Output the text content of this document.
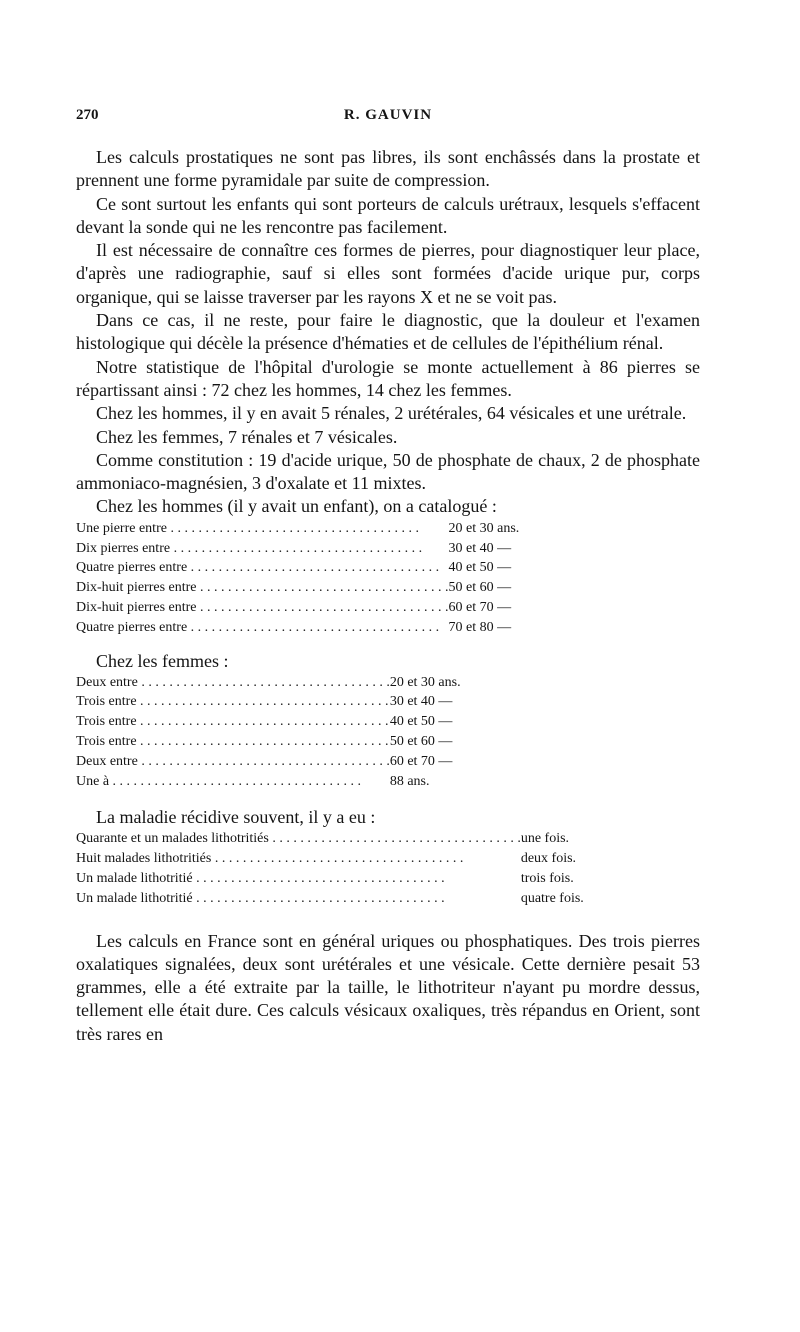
270	R. GAUVIN

Les calculs prostatiques ne sont pas libres, ils sont enchâssés dans la prostate et prennent une forme pyramidale par suite de compression.

Ce sont surtout les enfants qui sont porteurs de calculs urétraux, lesquels s'effacent devant la sonde qui ne les rencontre pas facilement.

Il est nécessaire de connaître ces formes de pierres, pour diagnostiquer leur place, d'après une radiographie, sauf si elles sont formées d'acide urique pur, corps organique, qui se laisse traverser par les rayons X et ne se voit pas.

Dans ce cas, il ne reste, pour faire le diagnostic, que la douleur et l'examen histologique qui décèle la présence d'hématies et de cellules de l'épithélium rénal.

Notre statistique de l'hôpital d'urologie se monte actuellement à 86 pierres se répartissant ainsi : 72 chez les hommes, 14 chez les femmes.

Chez les hommes, il y en avait 5 rénales, 2 urétérales, 64 vésicales et une urétrale.

Chez les femmes, 7 rénales et 7 vésicales.

Comme constitution : 19 d'acide urique, 50 de phosphate de chaux, 2 de phosphate ammoniaco-magnésien, 3 d'oxalate et 11 mixtes.

Chez les hommes (il y avait un enfant), on a catalogué :

Une pierre entre . . .	20 et 30 ans.
Dix pierres entre . . .	30 et 40 —
Quatre pierres entre . . .	40 et 50 —
Dix-huit pierres entre . . .	50 et 60 —
Dix-huit pierres entre . . .	60 et 70 —
Quatre pierres entre . . .	70 et 80 —

Chez les femmes :

Deux entre . . .	20 et 30 ans.
Trois entre . . .	30 et 40 —
Trois entre . . .	40 et 50 —
Trois entre . . .	50 et 60 —
Deux entre . . .	60 et 70 —
Une à . . .	88 ans.

La maladie récidive souvent, il y a eu :

Quarante et un malades lithotritiés . . .	une fois.
Huit malades lithotritiés . . .	deux fois.
Un malade lithotritié . . .	trois fois.
Un malade lithotritié . . .	quatre fois.

Les calculs en France sont en général uriques ou phosphatiques. Des trois pierres oxalatiques signalées, deux sont urétérales et une vésicale. Cette dernière pesait 53 grammes, elle a été extraite par la taille, le lithotriteur n'ayant pu mordre dessus, tellement elle était dure. Ces calculs vésicaux oxaliques, très répandus en Orient, sont très rares en
